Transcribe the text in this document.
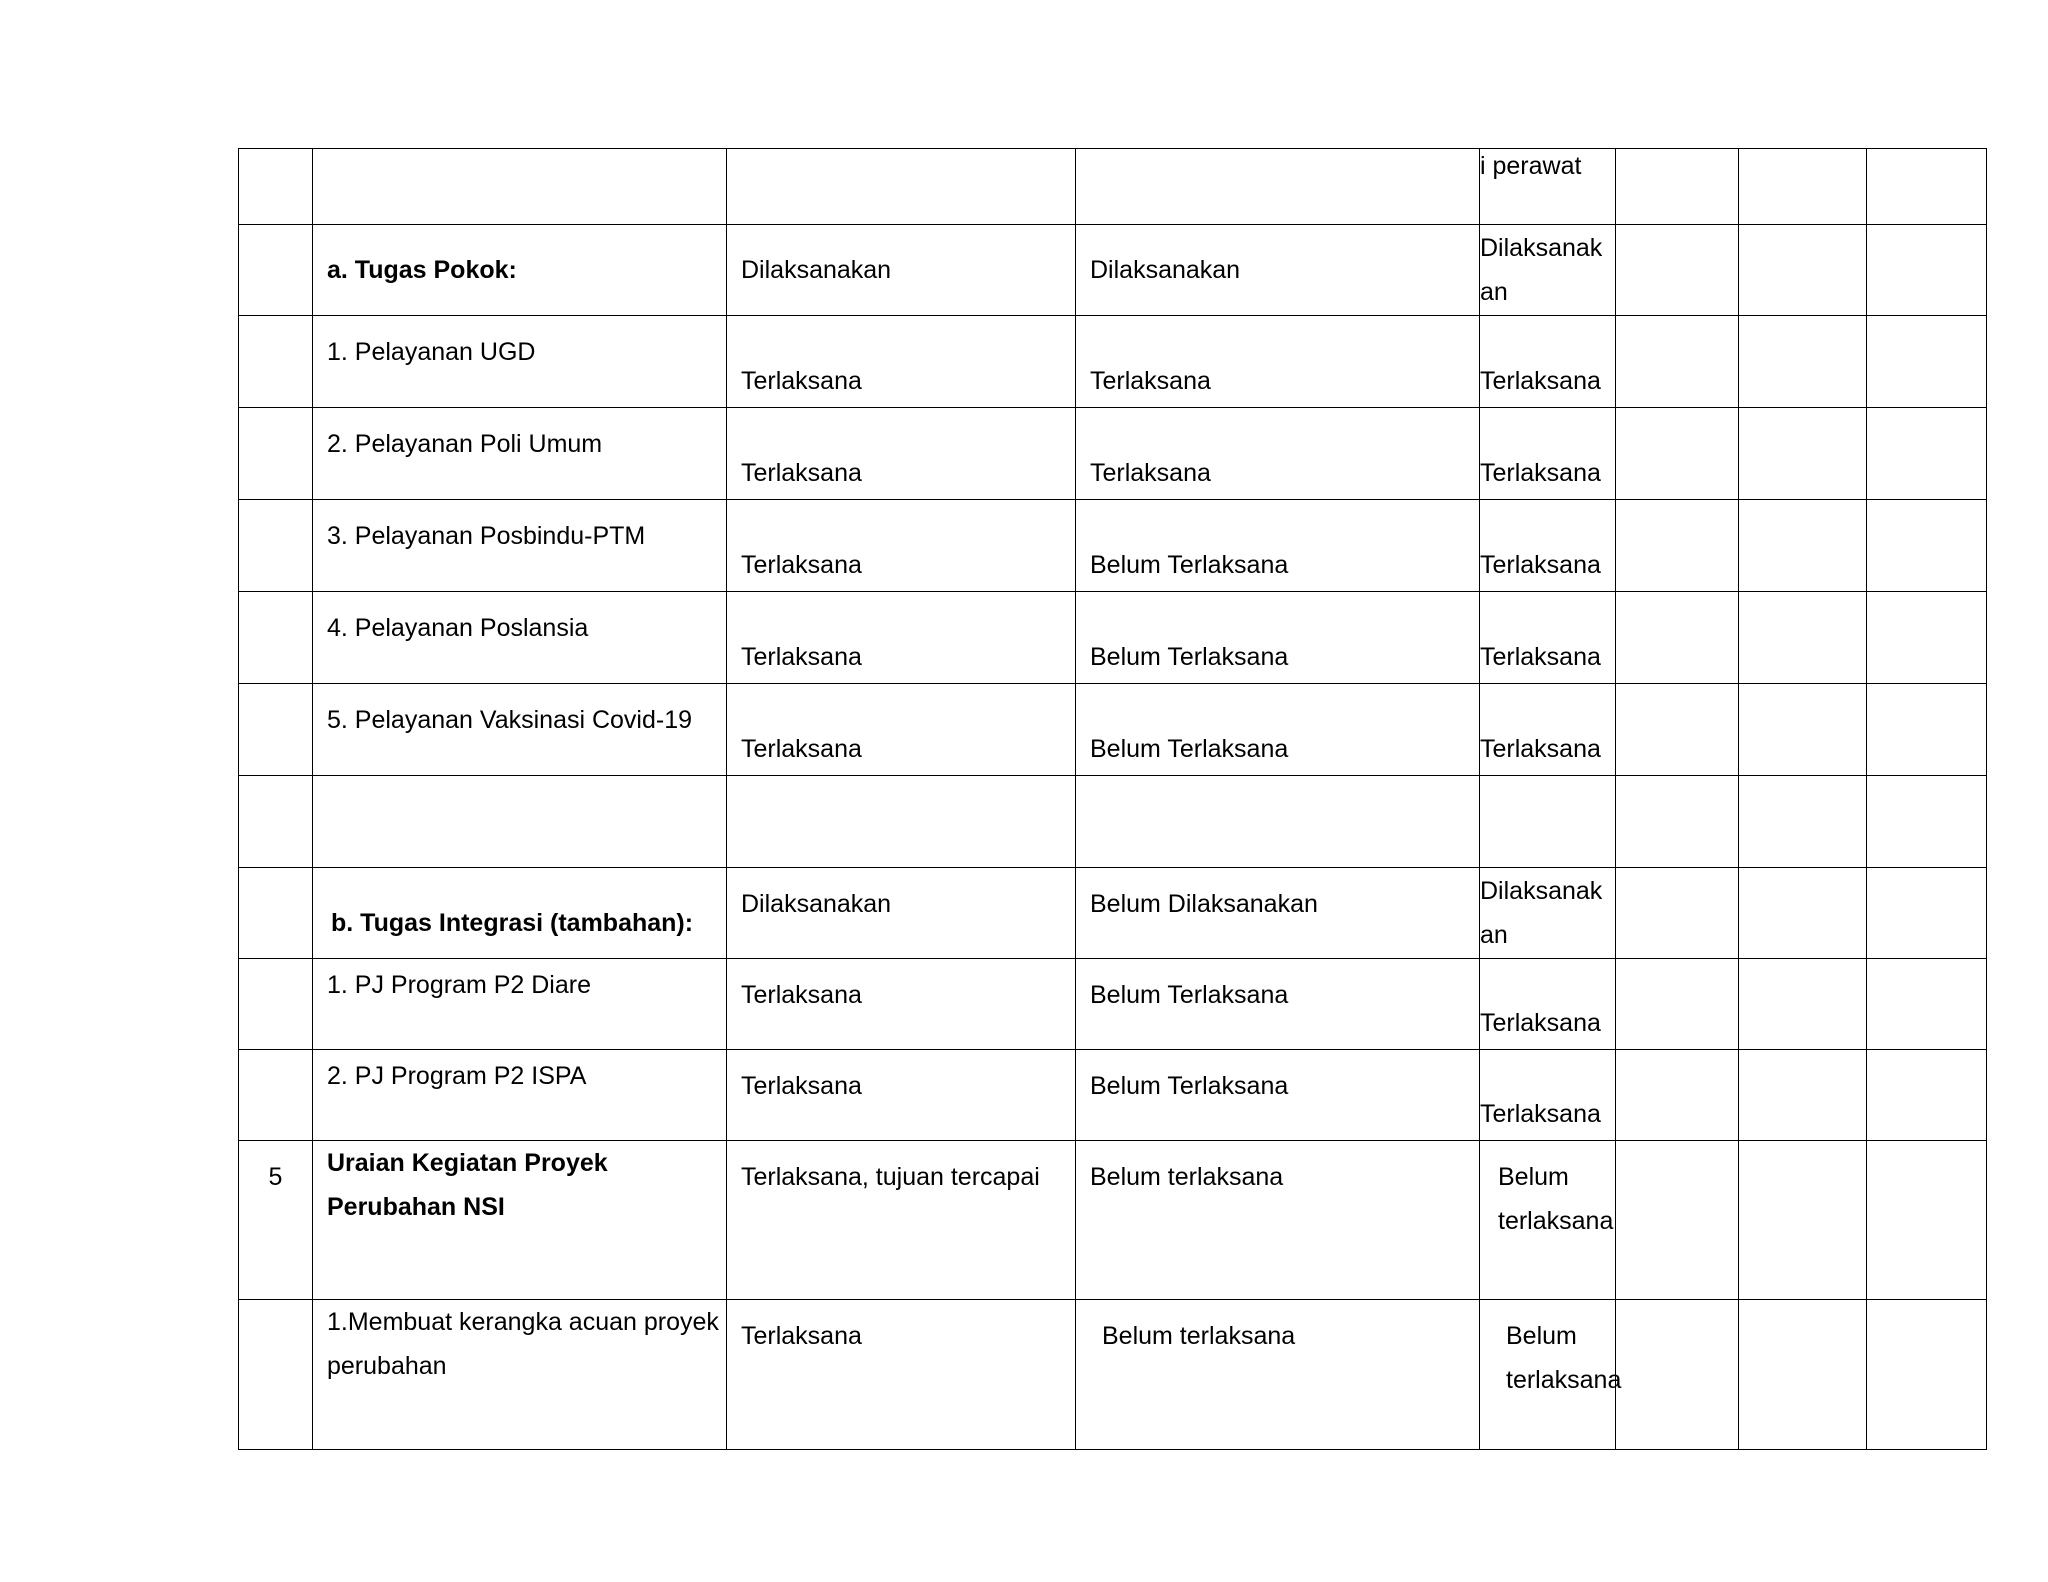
				i perawat			
	a. Tugas Pokok:	Dilaksanakan	Dilaksanakan	Dilaksanakan			
	1. Pelayanan UGD	Terlaksana	Terlaksana	Terlaksana			
	2. Pelayanan Poli Umum	Terlaksana	Terlaksana	Terlaksana			
	3. Pelayanan Posbindu-PTM	Terlaksana	Belum Terlaksana	Terlaksana			
	4. Pelayanan Poslansia	Terlaksana	Belum Terlaksana	Terlaksana			
	5. Pelayanan Vaksinasi Covid-19	Terlaksana	Belum Terlaksana	Terlaksana			

	b. Tugas Integrasi (tambahan):	Dilaksanakan	Belum Dilaksanakan	Dilaksanakan			
	1. PJ Program P2 Diare	Terlaksana	Belum Terlaksana	Terlaksana			
	2. PJ Program P2 ISPA	Terlaksana	Belum Terlaksana	Terlaksana			
5	Uraian Kegiatan Proyek Perubahan NSI	Terlaksana, tujuan tercapai	Belum terlaksana	Belum terlaksana			
	1.Membuat kerangka acuan proyek perubahan	Terlaksana	Belum terlaksana	Belum terlaksana			
